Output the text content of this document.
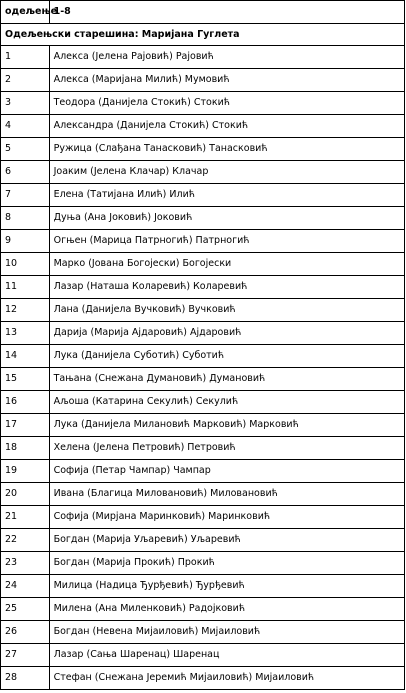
одељење	1-8
Одељењски старешина: Маријана Гуглета	
1	Алекса (Јелена Рајовић) Рајовић
2	Алекса (Маријана Милић) Мумовић
3	Теодора (Данијела Стокић) Стокић
4	Александра (Данијела Стокић) Стокић
5	Ружица (Слађана Танасковић) Танасковић
6	Јоаким (Јелена Клачар) Клачар
7	Елена (Татијана Илић) Илић
8	Дуња (Ана Јоковић) Јоковић
9	Огњен (Марица Патрногић) Патрногић
10	Марко (Јована Богојески) Богојески
11	Лазар (Наташа Коларевић) Коларевић
12	Лана (Данијела Вучковић) Вучковић
13	Дарија (Марија Ајдаровић) Ајдаровић
14	Лука (Данијела Суботић) Суботић
15	Тањана (Снежана Думановић) Думановић
16	Аљоша (Катарина Секулић) Секулић
17	Лука (Данијела Милановић Марковић) Марковић
18	Хелена (Јелена Петровић) Петровић
19	Софија (Петар Чампар) Чампар
20	Ивана (Благица Миловановић) Миловановић
21	Софија (Мирјана Маринковић) Маринковић
22	Богдан (Марија Уљаревић) Уљаревић
23	Богдан (Марија Прокић) Прокић
24	Милица (Надица Ђурђевић) Ђурђевић
25	Милена (Ана Миленковић) Радојковић
26	Богдан (Невена Мијаиловић) Мијаиловић
27	Лазар (Сања Шаренац) Шаренац
28	Стефан (Снежана Јеремић Мијаиловић) Мијаиловић
